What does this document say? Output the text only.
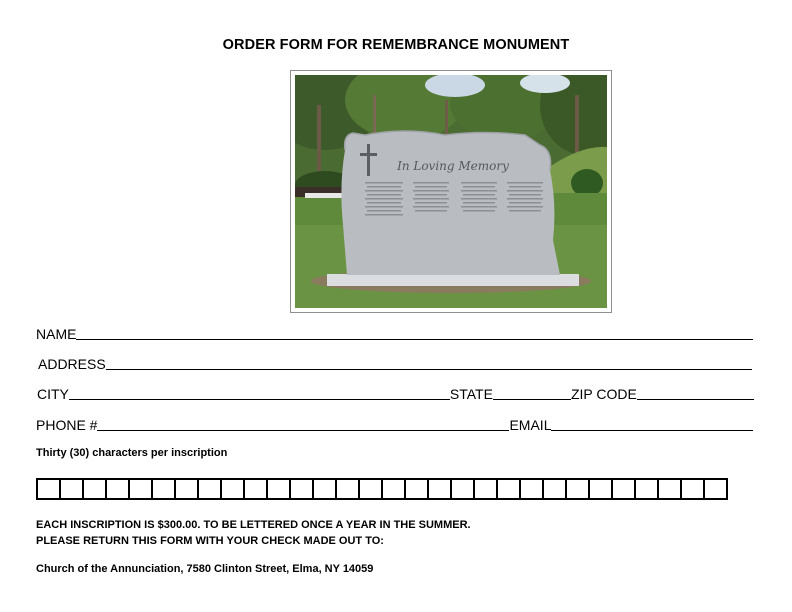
ORDER FORM FOR REMEMBRANCE MONUMENT
In Loving Memory
NAME
ADDRESS
CITY	STATE	ZIP CODE
PHONE #	EMAIL
Thirty (30) characters per inscription
EACH INSCRIPTION IS $300.00. TO BE LETTERED ONCE A YEAR IN THE SUMMER.
PLEASE RETURN THIS FORM WITH YOUR CHECK MADE OUT TO:
Church of the Annunciation, 7580 Clinton Street, Elma, NY 14059
